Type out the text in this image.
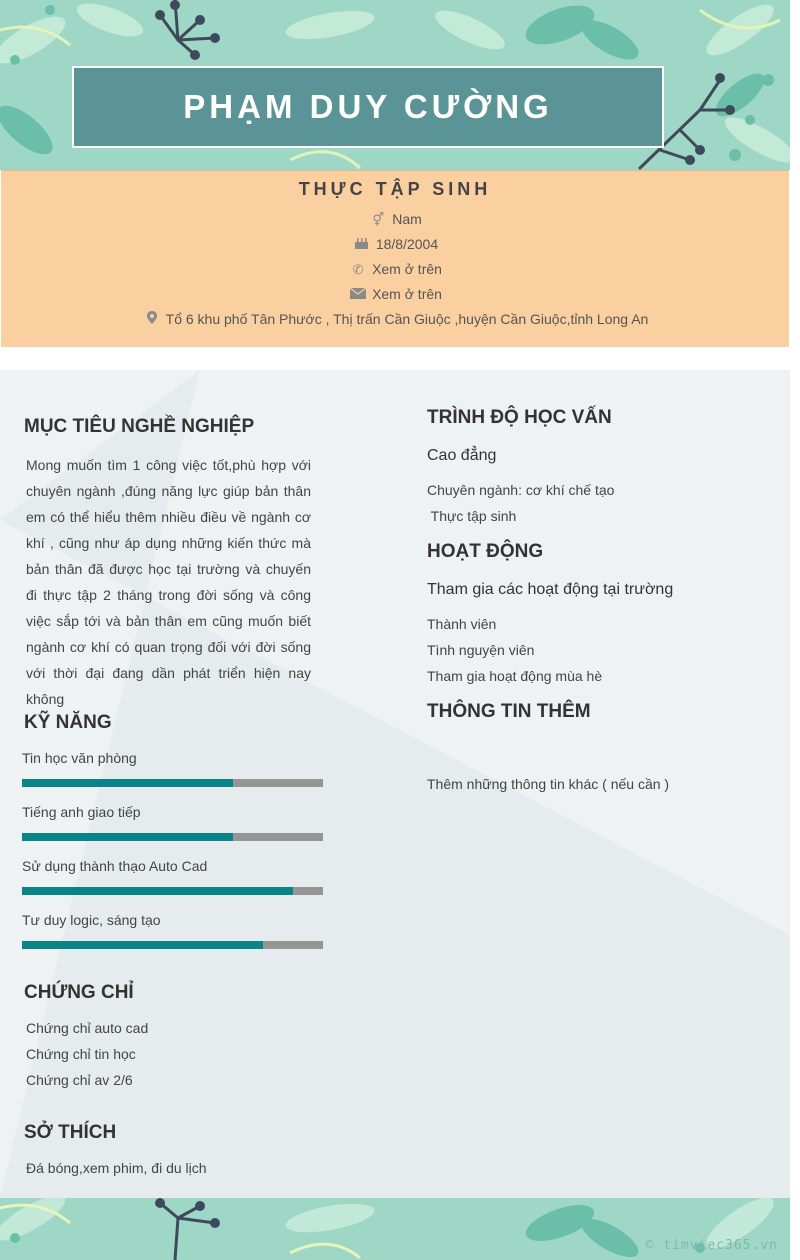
PHẠM DUY CƯỜNG
THỰC TẬP SINH
⚥ Nam
18/8/2004
✆ Xem ở trên
Xem ở trên
Tổ 6 khu phố Tân Phước , Thị trấn Cần Giuộc ,huyện Cần Giuộc,tỉnh Long An
MỤC TIÊU NGHỀ NGHIỆP
Mong muốn tìm 1 công việc tốt,phù hợp với chuyên ngành ,đúng năng lực giúp bản thân em có thể hiểu thêm nhiều điều về ngành cơ khí , cũng như áp dụng những kiến thức mà bản thân đã được học tại trường và chuyến đi thực tập 2 tháng trong đời sống và công việc sắp tới và bản thân em cũng muốn biết ngành cơ khí có quan trọng đối với đời sống với thời đại đang dần phát triển hiện nay không
KỸ NĂNG
Tin học văn phòng
Tiếng anh giao tiếp
Sử dụng thành thạo Auto Cad
Tư duy logic, sáng tạo
CHỨNG CHỈ
Chứng chỉ auto cad
Chứng chỉ tin học
Chứng chỉ av 2/6
SỞ THÍCH
Đá bóng,xem phim, đi du lịch
TRÌNH ĐỘ HỌC VẤN
Cao đẳng
Chuyên ngành: cơ khí chế tạo
Thực tập sinh
HOẠT ĐỘNG
Tham gia các hoạt động tại trường
Thành viên
Tình nguyện viên
Tham gia hoạt động mùa hè
THÔNG TIN THÊM
Thêm những thông tin khác ( nếu cần )
© timviec365.vn
